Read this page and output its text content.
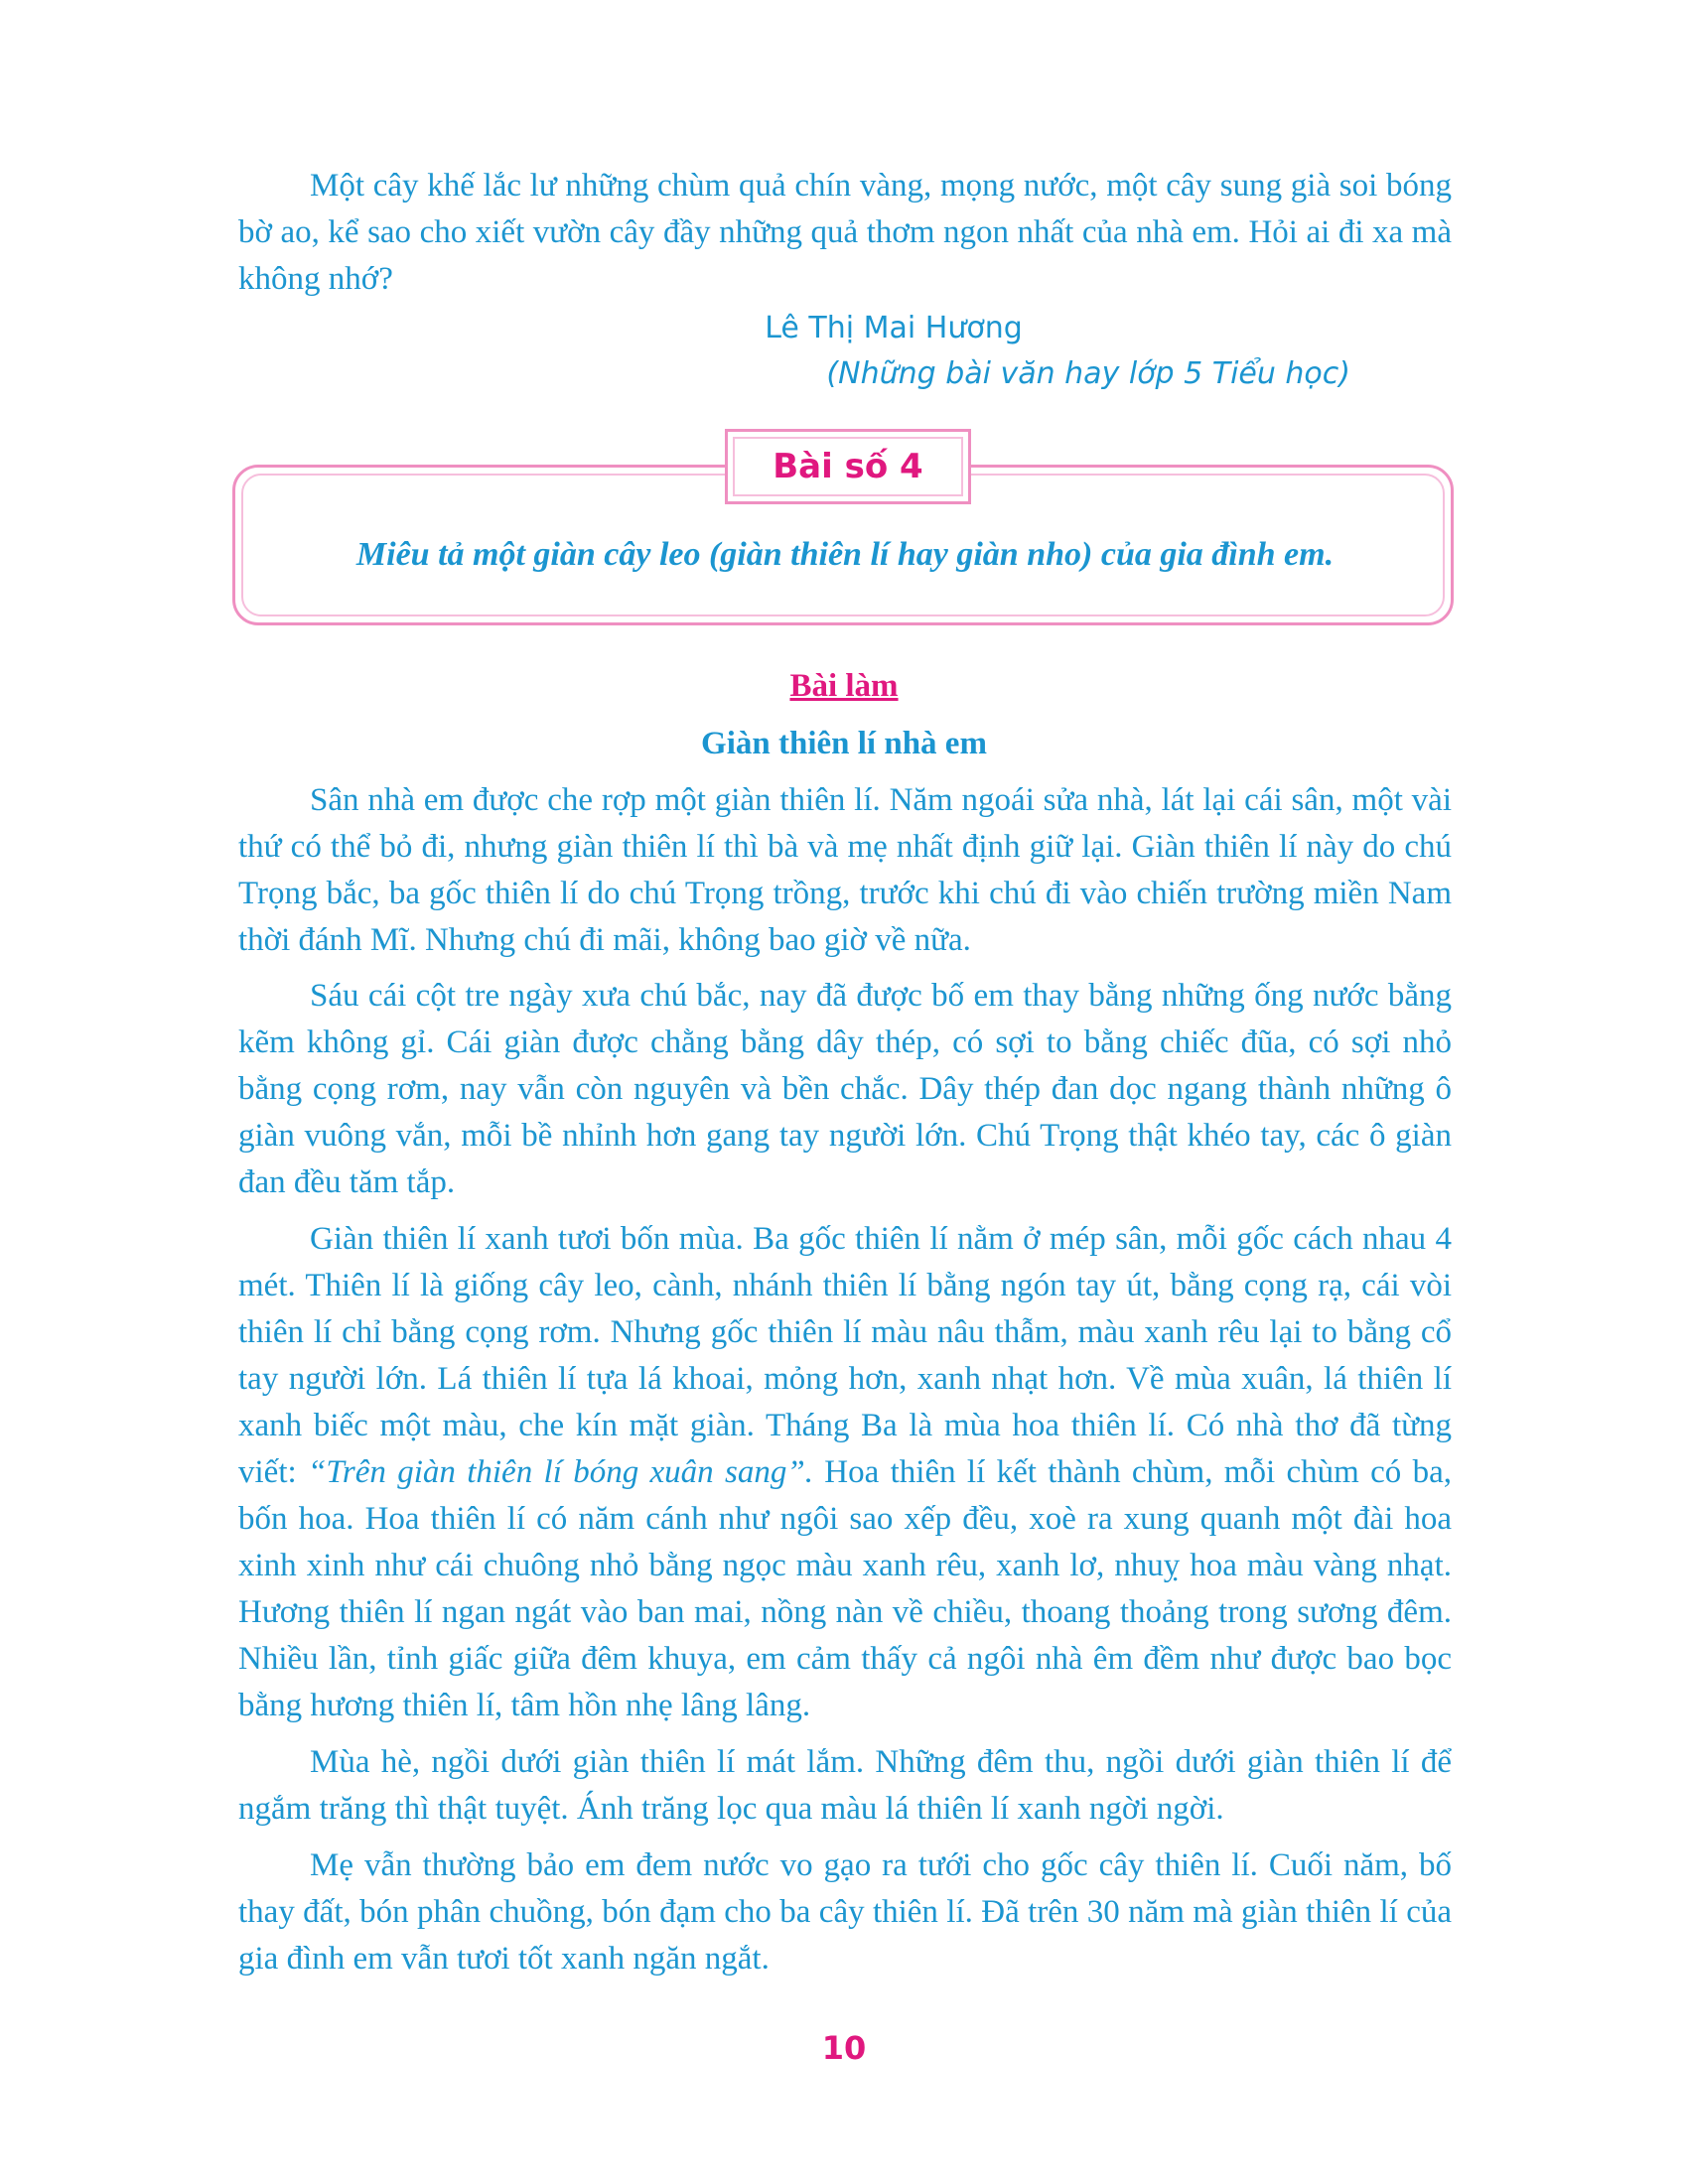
Một cây khế lắc lư những chùm quả chín vàng, mọng nước, một cây sung già soi bóng bờ ao, kể sao cho xiết vườn cây đầy những quả thơm ngon nhất của nhà em. Hỏi ai đi xa mà không nhớ?

Lê Thị Mai Hương

(Những bài văn hay lớp 5 Tiểu học)

Bài số 4

Miêu tả một giàn cây leo (giàn thiên lí hay giàn nho) của gia đình em.

Bài làm

Giàn thiên lí nhà em

Sân nhà em được che rợp một giàn thiên lí. Năm ngoái sửa nhà, lát lại cái sân, một vài thứ có thể bỏ đi, nhưng giàn thiên lí thì bà và mẹ nhất định giữ lại. Giàn thiên lí này do chú Trọng bắc, ba gốc thiên lí do chú Trọng trồng, trước khi chú đi vào chiến trường miền Nam thời đánh Mĩ. Nhưng chú đi mãi, không bao giờ về nữa.

Sáu cái cột tre ngày xưa chú bắc, nay đã được bố em thay bằng những ống nước bằng kẽm không gỉ. Cái giàn được chằng bằng dây thép, có sợi to bằng chiếc đũa, có sợi nhỏ bằng cọng rơm, nay vẫn còn nguyên và bền chắc. Dây thép đan dọc ngang thành những ô giàn vuông vắn, mỗi bề nhỉnh hơn gang tay người lớn. Chú Trọng thật khéo tay, các ô giàn đan đều tăm tắp.

Giàn thiên lí xanh tươi bốn mùa. Ba gốc thiên lí nằm ở mép sân, mỗi gốc cách nhau 4 mét. Thiên lí là giống cây leo, cành, nhánh thiên lí bằng ngón tay út, bằng cọng rạ, cái vòi thiên lí chỉ bằng cọng rơm. Nhưng gốc thiên lí màu nâu thẫm, màu xanh rêu lại to bằng cổ tay người lớn. Lá thiên lí tựa lá khoai, mỏng hơn, xanh nhạt hơn. Về mùa xuân, lá thiên lí xanh biếc một màu, che kín mặt giàn. Tháng Ba là mùa hoa thiên lí. Có nhà thơ đã từng viết: “Trên giàn thiên lí bóng xuân sang”. Hoa thiên lí kết thành chùm, mỗi chùm có ba, bốn hoa. Hoa thiên lí có năm cánh như ngôi sao xếp đều, xoè ra xung quanh một đài hoa xinh xinh như cái chuông nhỏ bằng ngọc màu xanh rêu, xanh lơ, nhuỵ hoa màu vàng nhạt. Hương thiên lí ngan ngát vào ban mai, nồng nàn về chiều, thoang thoảng trong sương đêm. Nhiều lần, tỉnh giấc giữa đêm khuya, em cảm thấy cả ngôi nhà êm đềm như được bao bọc bằng hương thiên lí, tâm hồn nhẹ lâng lâng.

Mùa hè, ngồi dưới giàn thiên lí mát lắm. Những đêm thu, ngồi dưới giàn thiên lí để ngắm trăng thì thật tuyệt. Ánh trăng lọc qua màu lá thiên lí xanh ngời ngời.

Mẹ vẫn thường bảo em đem nước vo gạo ra tưới cho gốc cây thiên lí. Cuối năm, bố thay đất, bón phân chuồng, bón đạm cho ba cây thiên lí. Đã trên 30 năm mà giàn thiên lí của gia đình em vẫn tươi tốt xanh ngăn ngắt.

10
